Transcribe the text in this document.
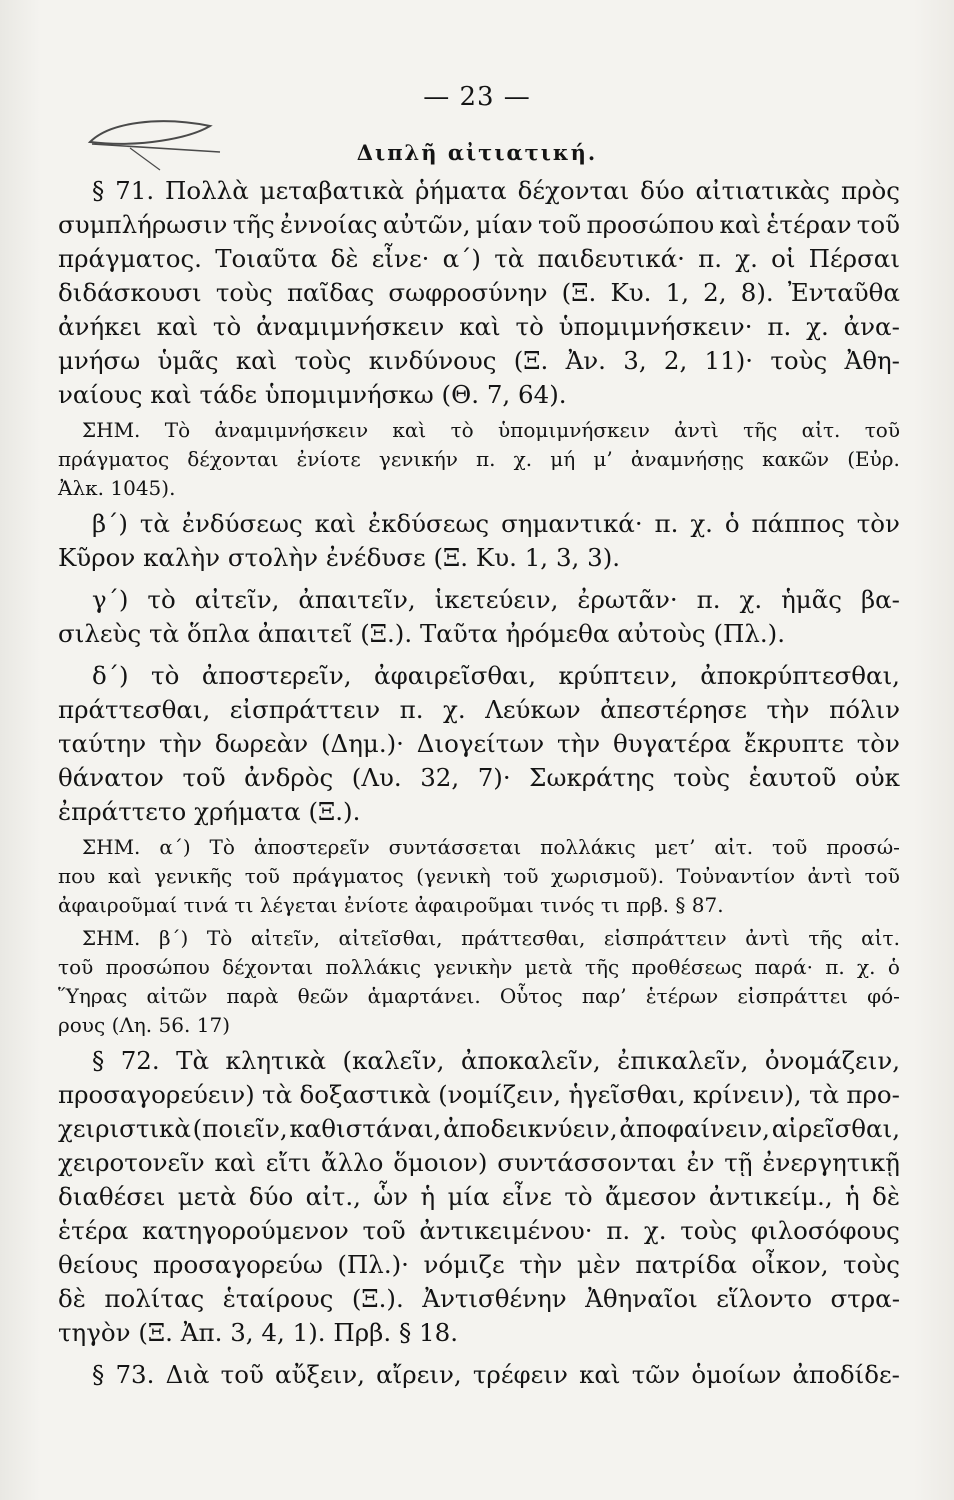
— 23 —
Διπλῆ αἰτιατική.
§ 71. Πολλὰ μεταβατικὰ ῥήματα δέχονται δύο αἰτιατικὰς πρὸς
συμπλήρωσιν τῆς ἐννοίας αὐτῶν, μίαν τοῦ προσώπου καὶ ἑτέραν τοῦ
πράγματος. Τοιαῦτα δὲ εἶνε· α΄) τὰ παιδευτικά· π. χ. οἱ Πέρσαι
διδάσκουσι τοὺς παῖδας σωφροσύνην (Ξ. Κυ. 1, 2, 8). Ἐνταῦθα
ἀνήκει καὶ τὸ ἀναμιμνήσκειν καὶ τὸ ὑπομιμνήσκειν· π. χ. ἀνα-
μνήσω ὑμᾶς καὶ τοὺς κινδύνους (Ξ. Ἀν. 3, 2, 11)· τοὺς Ἀθη-
ναίους καὶ τάδε ὑπομιμνήσκω (Θ. 7, 64).
ΣΗΜ. Τὸ ἀναμιμνήσκειν καὶ τὸ ὑπομιμνήσκειν ἀντὶ τῆς αἰτ. τοῦ
πράγματος δέχονται ἐνίοτε γενικήν π. χ. μή μ’ ἀναμνήσῃς κακῶν (Εὐρ.
Ἀλκ. 1045).
β΄) τὰ ἐνδύσεως καὶ ἐκδύσεως σημαντικά· π. χ. ὁ πάππος τὸν
Κῦρον καλὴν στολὴν ἐνέδυσε (Ξ. Κυ. 1, 3, 3).
γ΄) τὸ αἰτεῖν, ἀπαιτεῖν, ἱκετεύειν, ἐρωτᾶν· π. χ. ἡμᾶς βα-
σιλεὺς τὰ ὅπλα ἀπαιτεῖ (Ξ.). Ταῦτα ἠρόμεθα αὐτοὺς (Πλ.).
δ΄) τὸ ἀποστερεῖν, ἀφαιρεῖσθαι, κρύπτειν, ἀποκρύπτεσθαι,
πράττεσθαι, εἰσπράττειν π. χ. Λεύκων ἀπεστέρησε τὴν πόλιν
ταύτην τὴν δωρεὰν (Δημ.)· Διογείτων τὴν θυγατέρα ἔκρυπτε τὸν
θάνατον τοῦ ἀνδρὸς (Λυ. 32, 7)· Σωκράτης τοὺς ἑαυτοῦ οὐκ
ἐπράττετο χρήματα (Ξ.).
ΣΗΜ. α΄) Τὸ ἀποστερεῖν συντάσσεται πολλάκις μετ’ αἰτ. τοῦ προσώ-
που καὶ γενικῆς τοῦ πράγματος (γενικὴ τοῦ χωρισμοῦ). Τοὐναντίον ἀντὶ τοῦ
ἀφαιροῦμαί τινά τι λέγεται ἐνίοτε ἀφαιροῦμαι τινός τι πρβ. § 87.
ΣΗΜ. β΄) Τὸ αἰτεῖν, αἰτεῖσθαι, πράττεσθαι, εἰσπράττειν ἀντὶ τῆς αἰτ.
τοῦ προσώπου δέχονται πολλάκις γενικὴν μετὰ τῆς προθέσεως παρά· π. χ. ὁ
Ὕηρας αἰτῶν παρὰ θεῶν ἁμαρτάνει. Οὗτος παρ’ ἑτέρων εἰσπράττει φό-
ρους (Λη. 56. 17)
§ 72. Τὰ κλητικὰ (καλεῖν, ἀποκαλεῖν, ἐπικαλεῖν, ὀνομάζειν,
προσαγορεύειν) τὰ δοξαστικὰ (νομίζειν, ἡγεῖσθαι, κρίνειν), τὰ προ-
χειριστικὰ (ποιεῖν, καθιστάναι, ἀποδεικνύειν, ἀποφαίνειν, αἱρεῖσθαι,
χειροτονεῖν καὶ εἴτι ἄλλο ὅμοιον) συντάσσονται ἐν τῇ ἐνεργητικῇ
διαθέσει μετὰ δύο αἰτ., ὧν ἡ μία εἶνε τὸ ἄμεσον ἀντικείμ., ἡ δὲ
ἑτέρα κατηγορούμενον τοῦ ἀντικειμένου· π. χ. τοὺς φιλοσόφους
θείους προσαγορεύω (Πλ.)· νόμιζε τὴν μὲν πατρίδα οἶκον, τοὺς
δὲ πολίτας ἑταίρους (Ξ.). Ἀντισθένην Ἀθηναῖοι εἵλοντο στρα-
τηγὸν (Ξ. Ἀπ. 3, 4, 1). Πρβ. § 18.
§ 73. Διὰ τοῦ αὔξειν, αἴρειν, τρέφειν καὶ τῶν ὁμοίων ἀποδίδε-
